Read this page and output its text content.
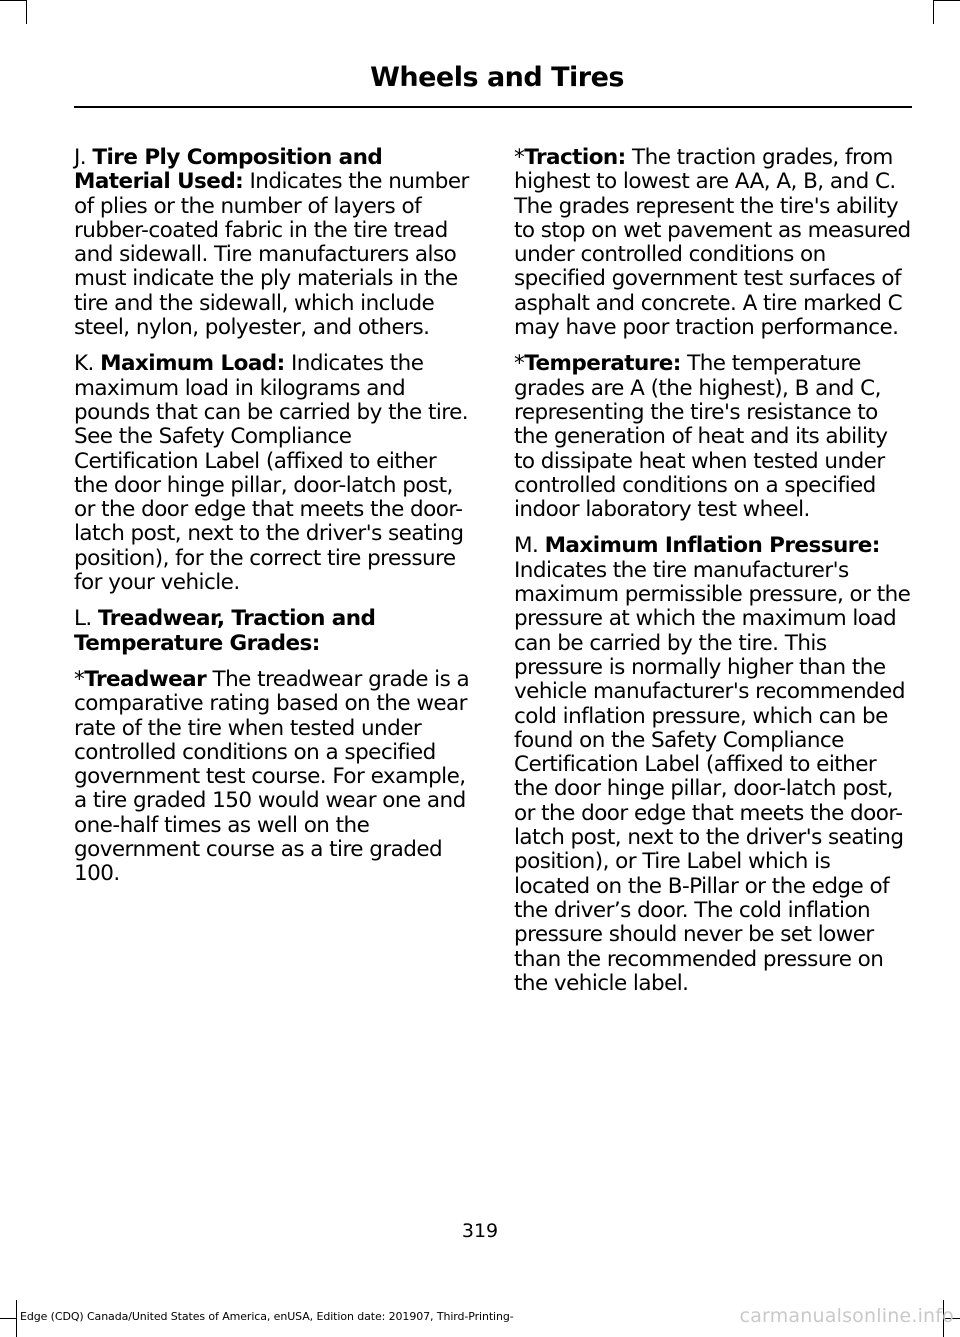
Wheels and Tires

J. Tire Ply Composition and Material Used: Indicates the number of plies or the number of layers of rubber-coated fabric in the tire tread and sidewall. Tire manufacturers also must indicate the ply materials in the tire and the sidewall, which include steel, nylon, polyester, and others.

K. Maximum Load: Indicates the maximum load in kilograms and pounds that can be carried by the tire. See the Safety Compliance Certification Label (affixed to either the door hinge pillar, door-latch post, or the door edge that meets the door-latch post, next to the driver's seating position), for the correct tire pressure for your vehicle.

L. Treadwear, Traction and Temperature Grades:

*Treadwear The treadwear grade is a comparative rating based on the wear rate of the tire when tested under controlled conditions on a specified government test course. For example, a tire graded 150 would wear one and one-half times as well on the government course as a tire graded 100.

*Traction: The traction grades, from highest to lowest are AA, A, B, and C. The grades represent the tire's ability to stop on wet pavement as measured under controlled conditions on specified government test surfaces of asphalt and concrete. A tire marked C may have poor traction performance.

*Temperature: The temperature grades are A (the highest), B and C, representing the tire's resistance to the generation of heat and its ability to dissipate heat when tested under controlled conditions on a specified indoor laboratory test wheel.

M. Maximum Inflation Pressure: Indicates the tire manufacturer's maximum permissible pressure, or the pressure at which the maximum load can be carried by the tire. This pressure is normally higher than the vehicle manufacturer's recommended cold inflation pressure, which can be found on the Safety Compliance Certification Label (affixed to either the door hinge pillar, door-latch post, or the door edge that meets the door-latch post, next to the driver's seating position), or Tire Label which is located on the B-Pillar or the edge of the driver’s door. The cold inflation pressure should never be set lower than the recommended pressure on the vehicle label.

319
Edge (CDQ) Canada/United States of America, enUSA, Edition date: 201907, Third-Printing-	carmanualsonline.info
